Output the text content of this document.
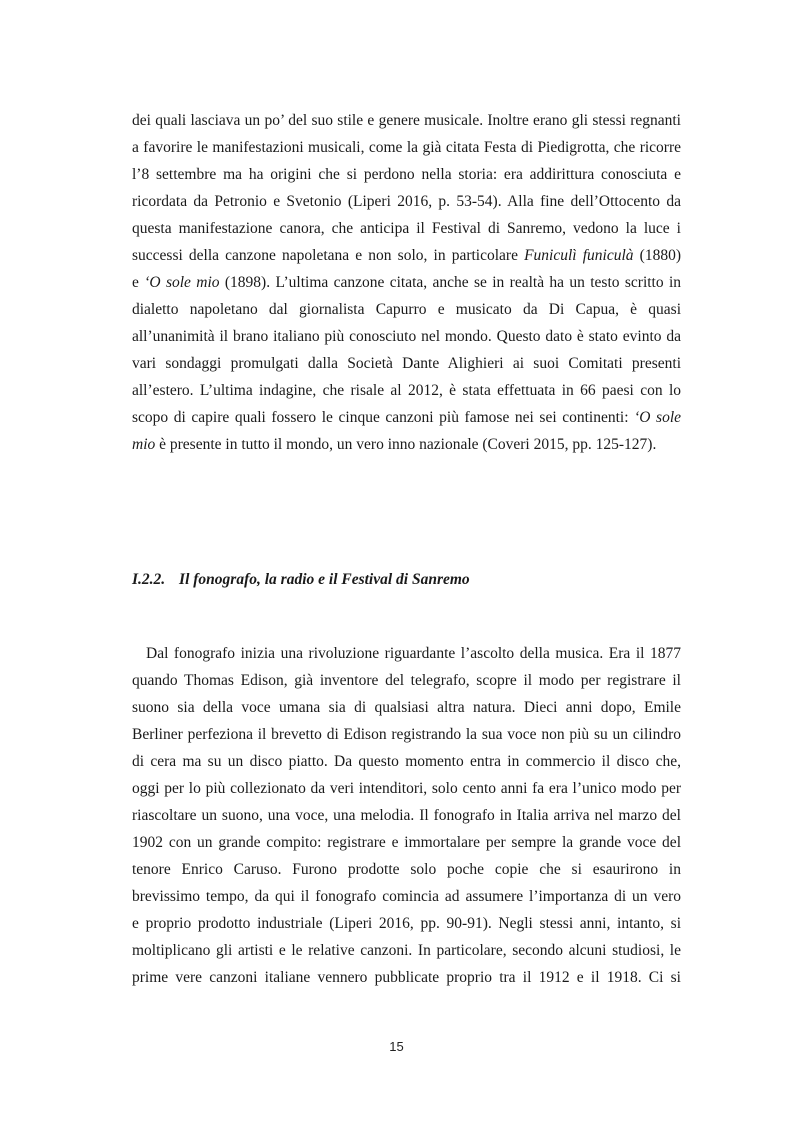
dei quali lasciava un po’ del suo stile e genere musicale. Inoltre erano gli stessi regnanti
a favorire le manifestazioni musicali, come la già citata Festa di Piedigrotta, che ricorre
l’8 settembre ma ha origini che si perdono nella storia: era addirittura conosciuta e
ricordata da Petronio e Svetonio (Liperi 2016, p. 53-54). Alla fine dell’Ottocento da
questa manifestazione canora, che anticipa il Festival di Sanremo, vedono la luce i
successi della canzone napoletana e non solo, in particolare Funiculì funiculà (1880)
e ‘O sole mio (1898). L’ultima canzone citata, anche se in realtà ha un testo scritto in
dialetto napoletano dal giornalista Capurro e musicato da Di Capua, è quasi
all’unanimità il brano italiano più conosciuto nel mondo. Questo dato è stato evinto da
vari sondaggi promulgati dalla Società Dante Alighieri ai suoi Comitati presenti
all’estero. L’ultima indagine, che risale al 2012, è stata effettuata in 66 paesi con lo
scopo di capire quali fossero le cinque canzoni più famose nei sei continenti: ‘O sole
mio è presente in tutto il mondo, un vero inno nazionale (Coveri 2015, pp. 125-127).
I.2.2. Il fonografo, la radio e il Festival di Sanremo
Dal fonografo inizia una rivoluzione riguardante l’ascolto della musica. Era il 1877
quando Thomas Edison, già inventore del telegrafo, scopre il modo per registrare il
suono sia della voce umana sia di qualsiasi altra natura. Dieci anni dopo, Emile
Berliner perfeziona il brevetto di Edison registrando la sua voce non più su un cilindro
di cera ma su un disco piatto. Da questo momento entra in commercio il disco che,
oggi per lo più collezionato da veri intenditori, solo cento anni fa era l’unico modo per
riascoltare un suono, una voce, una melodia. Il fonografo in Italia arriva nel marzo del
1902 con un grande compito: registrare e immortalare per sempre la grande voce del
tenore Enrico Caruso. Furono prodotte solo poche copie che si esaurirono in
brevissimo tempo, da qui il fonografo comincia ad assumere l’importanza di un vero
e proprio prodotto industriale (Liperi 2016, pp. 90-91). Negli stessi anni, intanto, si
moltiplicano gli artisti e le relative canzoni. In particolare, secondo alcuni studiosi, le
prime vere canzoni italiane vennero pubblicate proprio tra il 1912 e il 1918. Ci si
15
